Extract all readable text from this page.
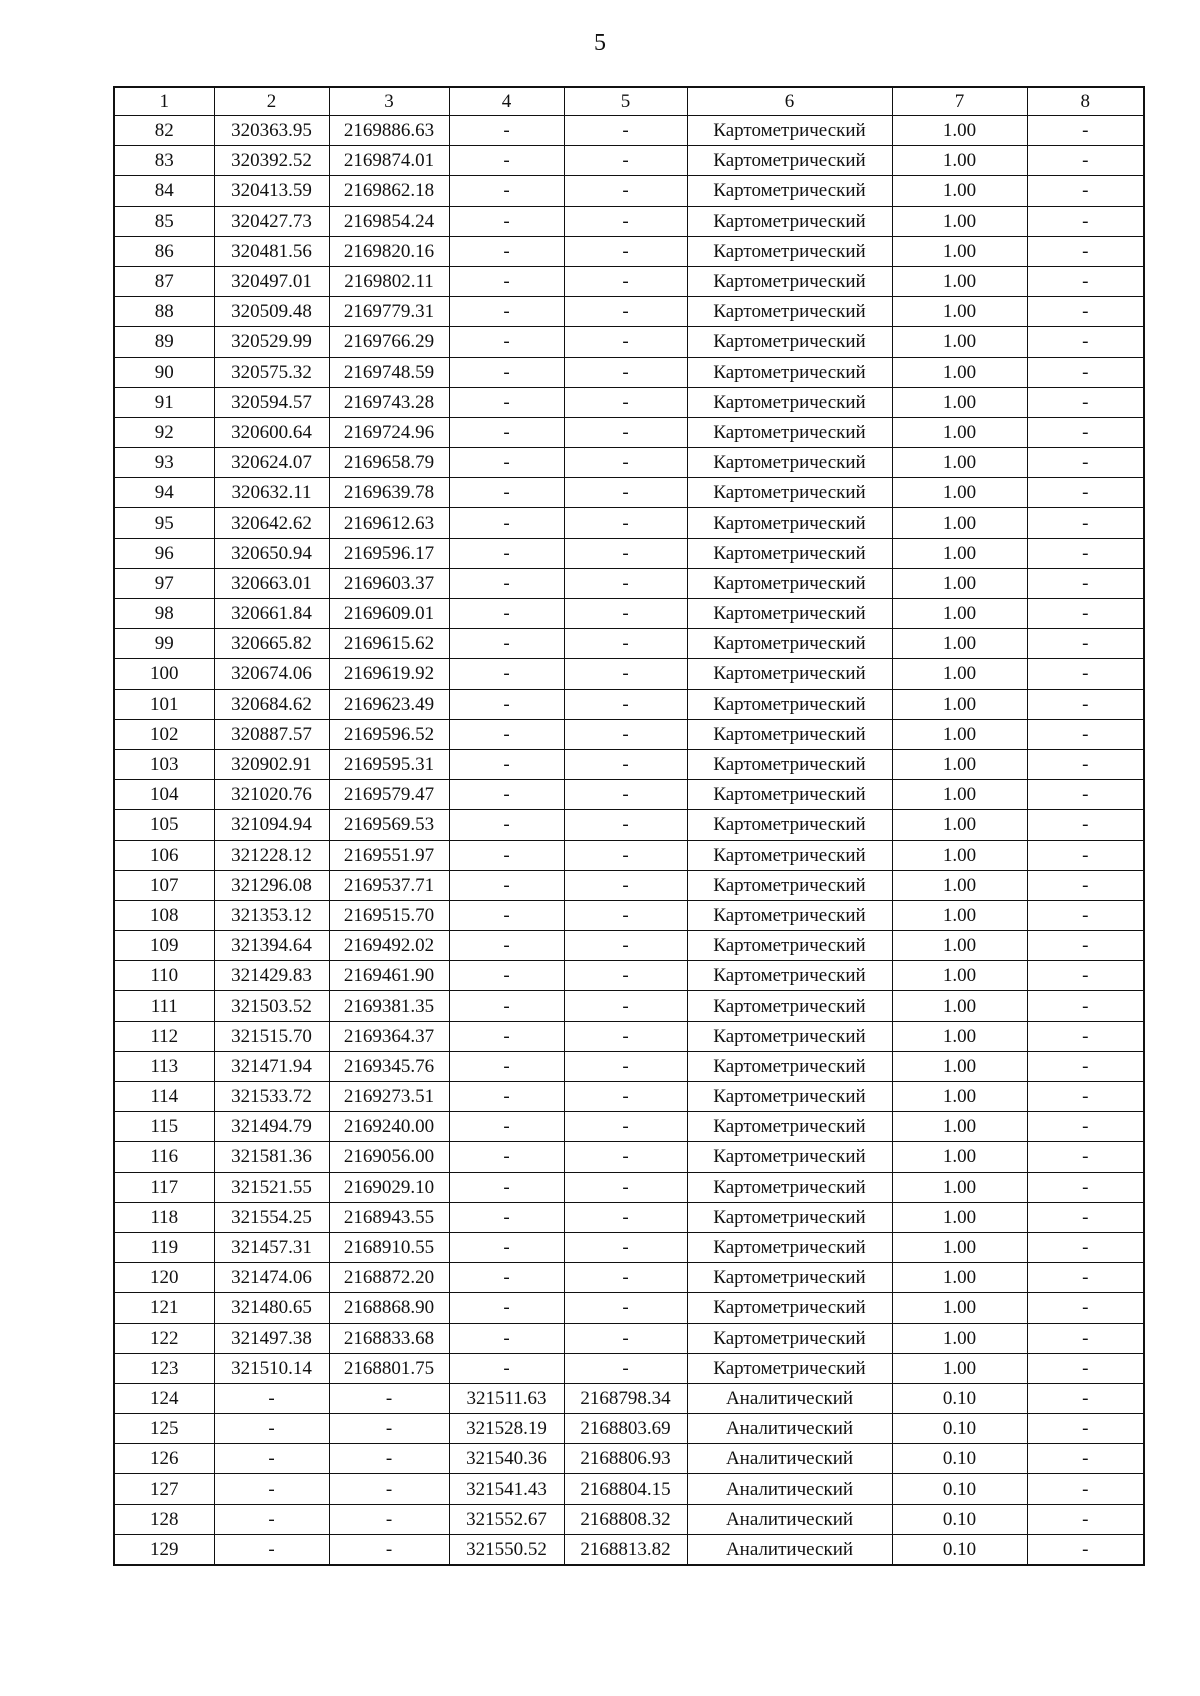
5
1	2	3	4	5	6	7	8
82	320363.95	2169886.63	-	-	Картометрический	1.00	-
83	320392.52	2169874.01	-	-	Картометрический	1.00	-
84	320413.59	2169862.18	-	-	Картометрический	1.00	-
85	320427.73	2169854.24	-	-	Картометрический	1.00	-
86	320481.56	2169820.16	-	-	Картометрический	1.00	-
87	320497.01	2169802.11	-	-	Картометрический	1.00	-
88	320509.48	2169779.31	-	-	Картометрический	1.00	-
89	320529.99	2169766.29	-	-	Картометрический	1.00	-
90	320575.32	2169748.59	-	-	Картометрический	1.00	-
91	320594.57	2169743.28	-	-	Картометрический	1.00	-
92	320600.64	2169724.96	-	-	Картометрический	1.00	-
93	320624.07	2169658.79	-	-	Картометрический	1.00	-
94	320632.11	2169639.78	-	-	Картометрический	1.00	-
95	320642.62	2169612.63	-	-	Картометрический	1.00	-
96	320650.94	2169596.17	-	-	Картометрический	1.00	-
97	320663.01	2169603.37	-	-	Картометрический	1.00	-
98	320661.84	2169609.01	-	-	Картометрический	1.00	-
99	320665.82	2169615.62	-	-	Картометрический	1.00	-
100	320674.06	2169619.92	-	-	Картометрический	1.00	-
101	320684.62	2169623.49	-	-	Картометрический	1.00	-
102	320887.57	2169596.52	-	-	Картометрический	1.00	-
103	320902.91	2169595.31	-	-	Картометрический	1.00	-
104	321020.76	2169579.47	-	-	Картометрический	1.00	-
105	321094.94	2169569.53	-	-	Картометрический	1.00	-
106	321228.12	2169551.97	-	-	Картометрический	1.00	-
107	321296.08	2169537.71	-	-	Картометрический	1.00	-
108	321353.12	2169515.70	-	-	Картометрический	1.00	-
109	321394.64	2169492.02	-	-	Картометрический	1.00	-
110	321429.83	2169461.90	-	-	Картометрический	1.00	-
111	321503.52	2169381.35	-	-	Картометрический	1.00	-
112	321515.70	2169364.37	-	-	Картометрический	1.00	-
113	321471.94	2169345.76	-	-	Картометрический	1.00	-
114	321533.72	2169273.51	-	-	Картометрический	1.00	-
115	321494.79	2169240.00	-	-	Картометрический	1.00	-
116	321581.36	2169056.00	-	-	Картометрический	1.00	-
117	321521.55	2169029.10	-	-	Картометрический	1.00	-
118	321554.25	2168943.55	-	-	Картометрический	1.00	-
119	321457.31	2168910.55	-	-	Картометрический	1.00	-
120	321474.06	2168872.20	-	-	Картометрический	1.00	-
121	321480.65	2168868.90	-	-	Картометрический	1.00	-
122	321497.38	2168833.68	-	-	Картометрический	1.00	-
123	321510.14	2168801.75	-	-	Картометрический	1.00	-
124	-	-	321511.63	2168798.34	Аналитический	0.10	-
125	-	-	321528.19	2168803.69	Аналитический	0.10	-
126	-	-	321540.36	2168806.93	Аналитический	0.10	-
127	-	-	321541.43	2168804.15	Аналитический	0.10	-
128	-	-	321552.67	2168808.32	Аналитический	0.10	-
129	-	-	321550.52	2168813.82	Аналитический	0.10	-
